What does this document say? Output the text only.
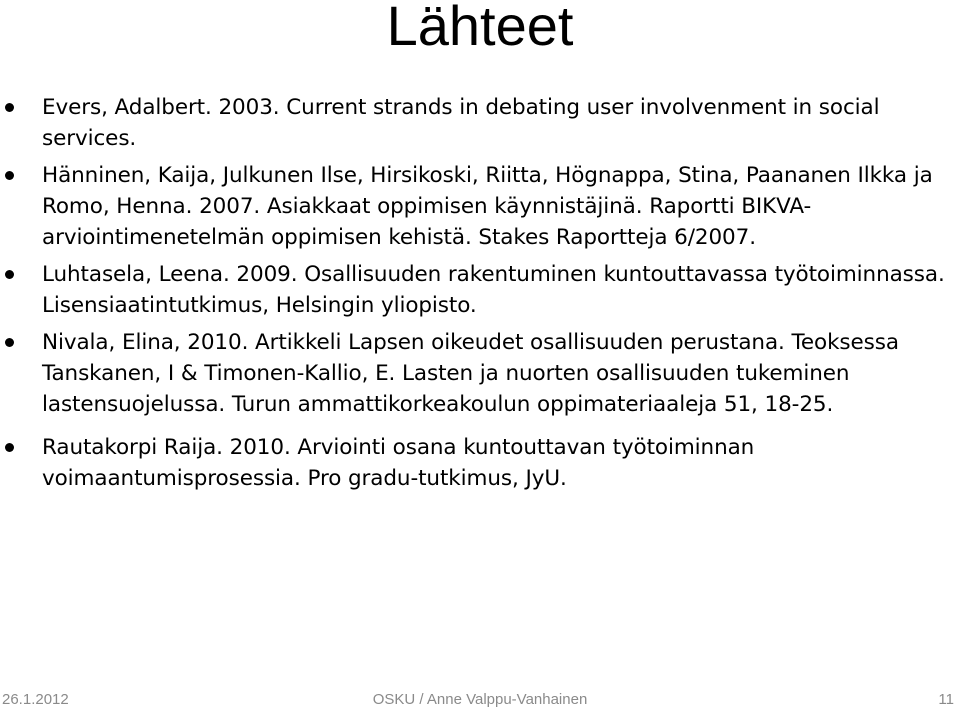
Lähteet
Evers, Adalbert. 2003. Current strands in debating user involvenment in social services.
Hänninen, Kaija, Julkunen Ilse, Hirsikoski, Riitta, Högnappa, Stina, Paananen Ilkka ja Romo, Henna. 2007. Asiakkaat oppimisen käynnistäjinä. Raportti BIKVA-arviointimenetelmän oppimisen kehistä. Stakes Raportteja 6/2007.
Luhtasela, Leena. 2009. Osallisuuden rakentuminen kuntouttavassa työtoiminnassa. Lisensiaatintutkimus, Helsingin yliopisto.
Nivala, Elina, 2010. Artikkeli Lapsen oikeudet osallisuuden perustana. Teoksessa Tanskanen, I & Timonen-Kallio, E. Lasten ja nuorten osallisuuden tukeminen lastensuojelussa. Turun ammattikorkeakoulun oppimateriaaleja 51, 18-25.
Rautakorpi Raija. 2010. Arviointi osana kuntouttavan työtoiminnan voimaantumisprosessia. Pro gradu-tutkimus, JyU.
26.1.2012	OSKU / Anne Valppu-Vanhainen	11
